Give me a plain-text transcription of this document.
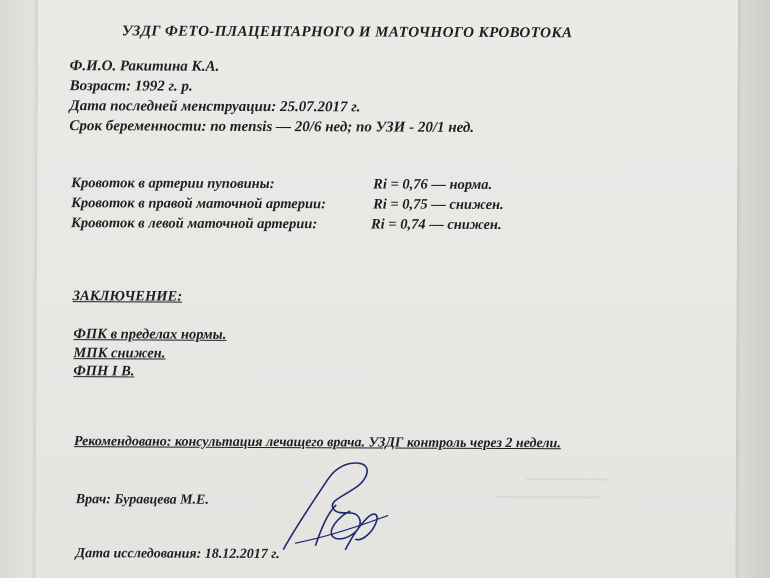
УЗДГ ФЕТО-ПЛАЦЕНТАРНОГО И МАТОЧНОГО КРОВОТОКА
Ф.И.О. Ракитина К.А.
Возраст: 1992 г. р.
Дата последней менструации: 25.07.2017 г.
Срок беременности: по mensis — 20/6 нед; по УЗИ - 20/1 нед.
Кровоток в артерии пуповины:	Ri = 0,76 — норма.
Кровоток в правой маточной артерии:	Ri = 0,75 — снижен.
Кровоток в левой маточной артерии:	Ri = 0,74 — снижен.
ЗАКЛЮЧЕНИЕ:
ФПК в пределах нормы.
МПК снижен.
ФПН I В.
Рекомендовано: консультация лечащего врача. УЗДГ контроль через 2 недели.
Врач: Буравцева М.Е.
Дата исследования: 18.12.2017 г.
~~~~~~~~~~~~~
~~~~~~~~~~~~~~~~
